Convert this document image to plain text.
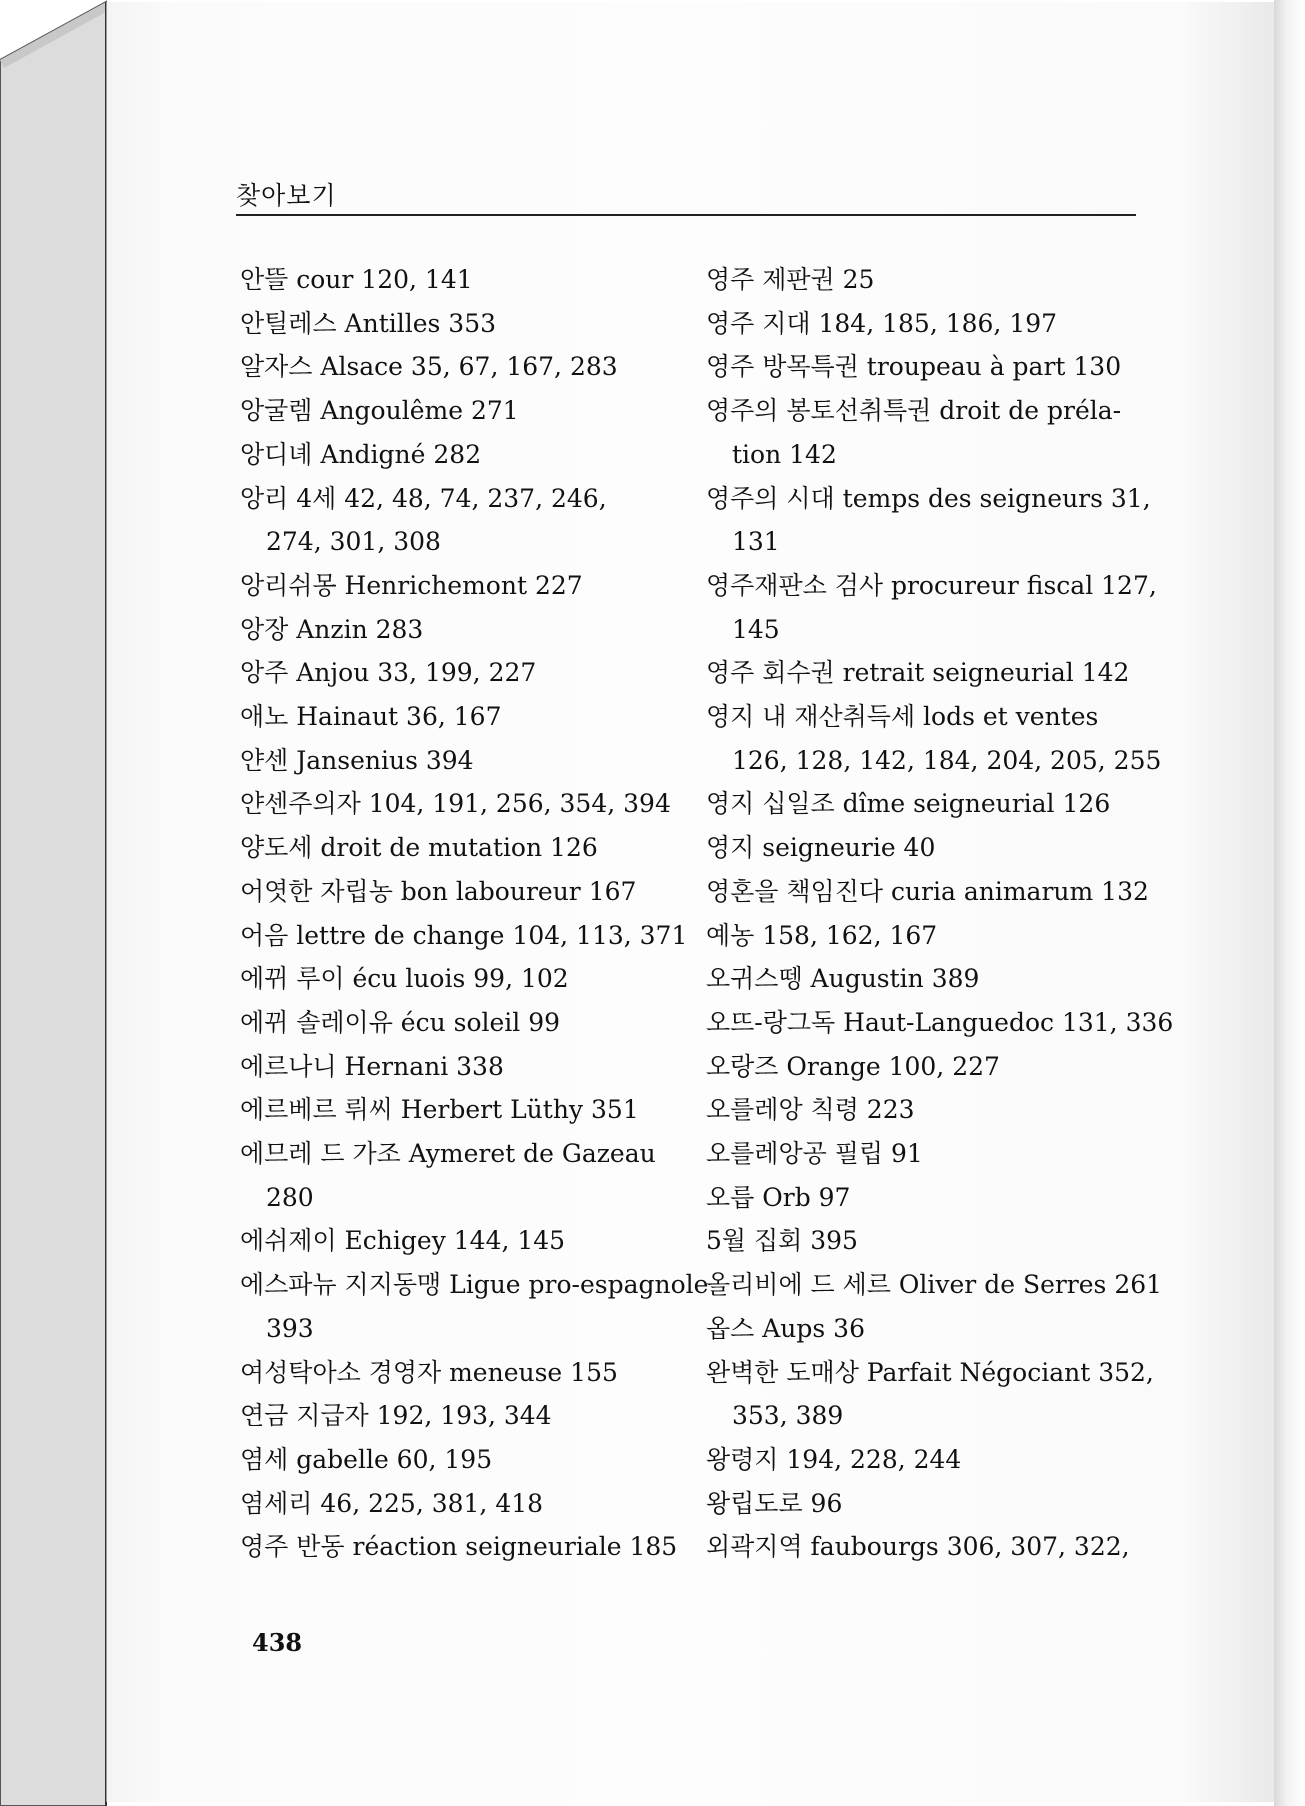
찾아보기
안뜰 cour 120, 141
안틸레스 Antilles 353
알자스 Alsace 35, 67, 167, 283
앙굴렘 Angoulême 271
앙디녜 Andigné 282
앙리 4세 42, 48, 74, 237, 246,
274, 301, 308
앙리쉬몽 Henrichemont 227
앙장 Anzin 283
앙주 Anjou 33, 199, 227
애노 Hainaut 36, 167
얀센 Jansenius 394
얀센주의자 104, 191, 256, 354, 394
양도세 droit de mutation 126
어엿한 자립농 bon laboureur 167
어음 lettre de change 104, 113, 371
에뀌 루이 écu luois 99, 102
에뀌 솔레이유 écu soleil 99
에르나니 Hernani 338
에르베르 뤼씨 Herbert Lüthy 351
에므레 드 가조 Aymeret de Gazeau
280
에쉬제이 Echigey 144, 145
에스파뉴 지지동맹 Ligue pro-espagnole
393
여성탁아소 경영자 meneuse 155
연금 지급자 192, 193, 344
염세 gabelle 60, 195
염세리 46, 225, 381, 418
영주 반동 réaction seigneuriale 185
영주 제판권 25
영주 지대 184, 185, 186, 197
영주 방목특권 troupeau à part 130
영주의 봉토선취특권 droit de préla-
tion 142
영주의 시대 temps des seigneurs 31,
131
영주재판소 검사 procureur fiscal 127,
145
영주 회수권 retrait seigneurial 142
영지 내 재산취득세 lods et ventes
126, 128, 142, 184, 204, 205, 255
영지 십일조 dîme seigneurial 126
영지 seigneurie 40
영혼을 책임진다 curia animarum 132
예농 158, 162, 167
오귀스뗑 Augustin 389
오뜨-랑그독 Haut-Languedoc 131, 336
오랑즈 Orange 100, 227
오를레앙 칙령 223
오를레앙공 필립 91
오릅 Orb 97
5월 집회 395
올리비에 드 세르 Oliver de Serres 261
옵스 Aups 36
완벽한 도매상 Parfait Négociant 352,
353, 389
왕령지 194, 228, 244
왕립도로 96
외곽지역 faubourgs 306, 307, 322,
438
